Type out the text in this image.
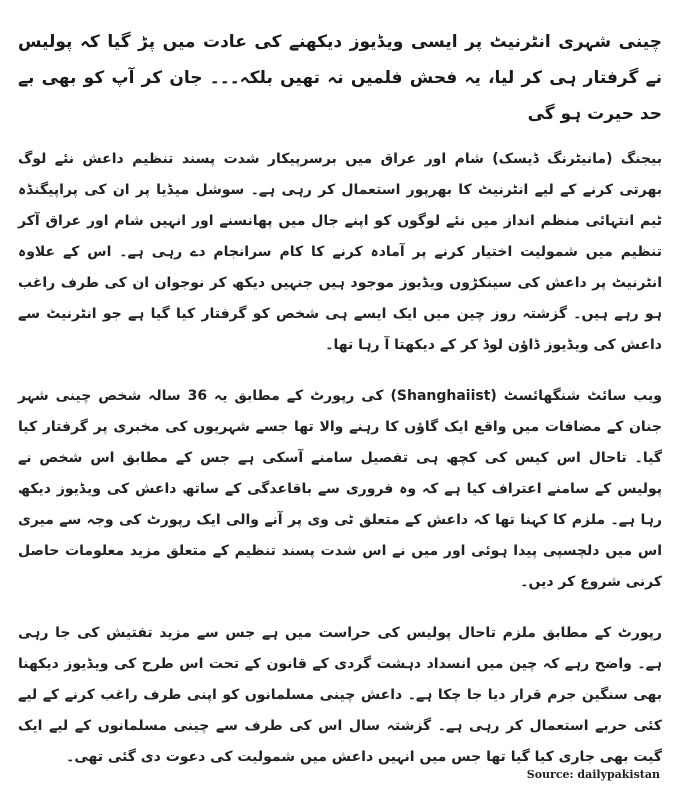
چینی شہری انٹرنیٹ پر ایسی ویڈیوز دیکھنے کی عادت میں پڑ گیا کہ پولیس نے گرفتار ہی کر لیا، یہ فحش فلمیں نہ تھیں بلکہ۔۔۔ جان کر آپ کو بھی بے حد حیرت ہو گی

بیجنگ (مانیٹرنگ ڈیسک) شام اور عراق میں برسرپیکار شدت پسند تنظیم داعش نئے لوگ بھرتی کرنے کے لیے انٹرنیٹ کا بھرپور استعمال کر رہی ہے۔ سوشل میڈیا پر ان کی پراپیگنڈہ ٹیم انتہائی منظم انداز میں نئے لوگوں کو اپنے جال میں پھانسنے اور انہیں شام اور عراق آکر تنظیم میں شمولیت اختیار کرنے پر آمادہ کرنے کا کام سرانجام دے رہی ہے۔ اس کے علاوہ انٹرنیٹ پر داعش کی سینکڑوں ویڈیوز موجود ہیں جنہیں دیکھ کر نوجوان ان کی طرف راغب ہو رہے ہیں۔ گزشتہ روز چین میں ایک ایسے ہی شخص کو گرفتار کیا گیا ہے جو انٹرنیٹ سے داعش کی ویڈیوز ڈاؤن لوڈ کر کے دیکھتا آ رہا تھا۔

ویب سائٹ شنگھائسٹ (Shanghaiist) کی رپورٹ کے مطابق یہ 36 سالہ شخص چینی شہر جنان کے مضافات میں واقع ایک گاؤں کا رہنے والا تھا جسے شہریوں کی مخبری پر گرفتار کیا گیا۔ تاحال اس کیس کی کچھ ہی تفصیل سامنے آسکی ہے جس کے مطابق اس شخص نے پولیس کے سامنے اعتراف کیا ہے کہ وہ فروری سے باقاعدگی کے ساتھ داعش کی ویڈیوز دیکھ رہا ہے۔ ملزم کا کہنا تھا کہ داعش کے متعلق ٹی وی پر آنے والی ایک رپورٹ کی وجہ سے میری اس میں دلچسپی پیدا ہوئی اور میں نے اس شدت پسند تنظیم کے متعلق مزید معلومات حاصل کرنی شروع کر دیں۔

رپورٹ کے مطابق ملزم تاحال پولیس کی حراست میں ہے جس سے مزید تفتیش کی جا رہی ہے۔ واضح رہے کہ چین میں انسداد دہشت گردی کے قانون کے تحت اس طرح کی ویڈیوز دیکھنا بھی سنگین جرم قرار دیا جا چکا ہے۔ داعش چینی مسلمانوں کو اپنی طرف راغب کرنے کے لیے کئی حربے استعمال کر رہی ہے۔ گزشتہ سال اس کی طرف سے چینی مسلمانوں کے لیے ایک گیت بھی جاری کیا گیا تھا جس میں انہیں داعش میں شمولیت کی دعوت دی گئی تھی۔

Source: dailypakistan
